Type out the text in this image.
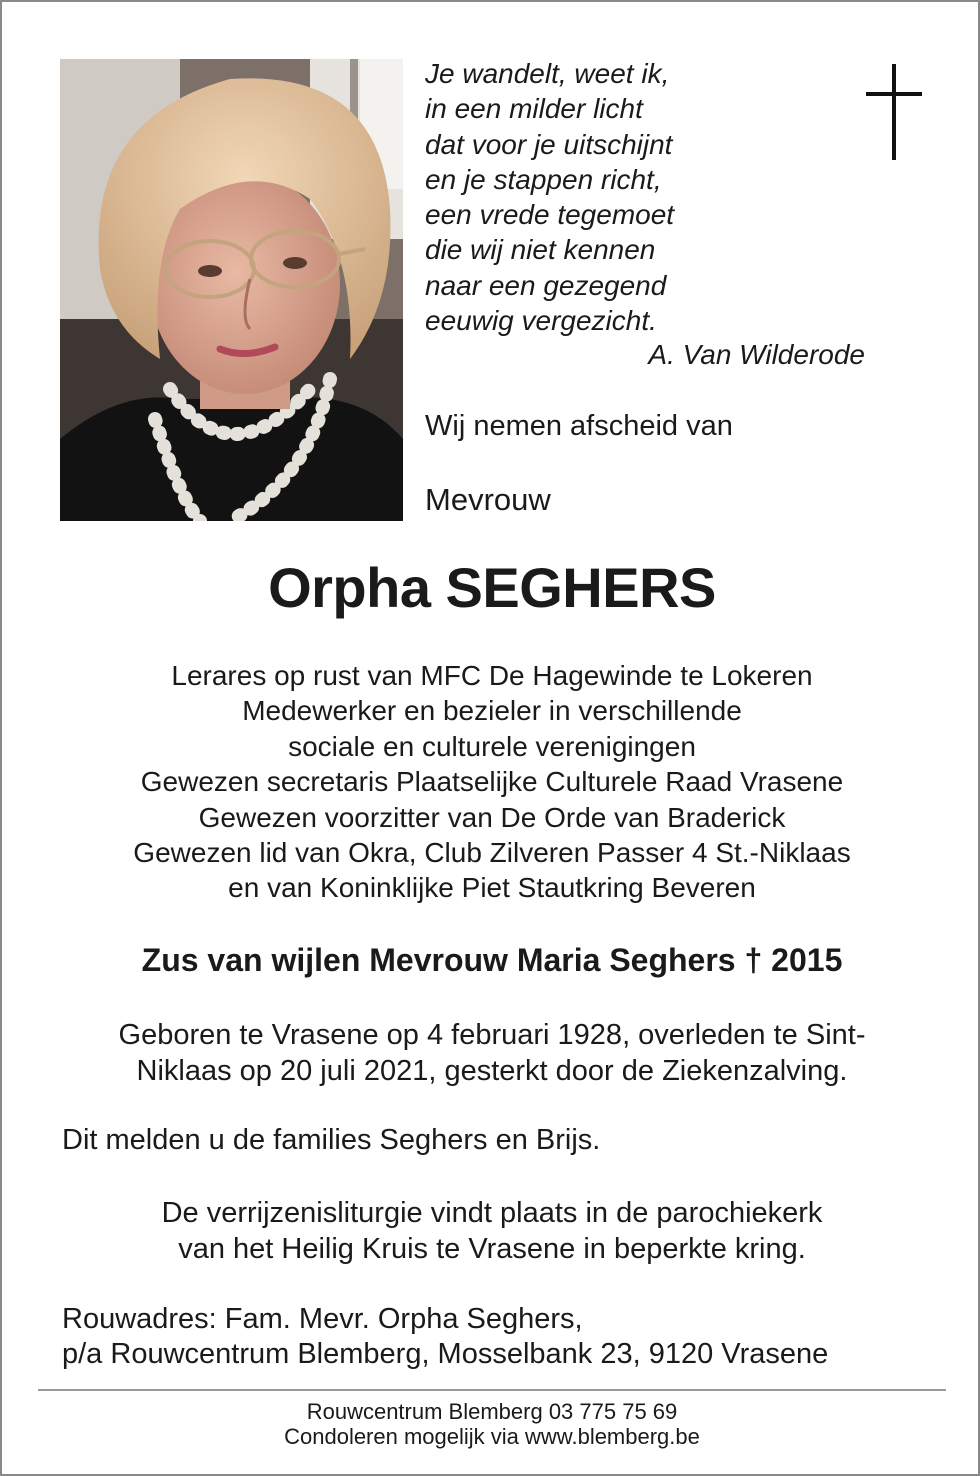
Je wandelt, weet ik,
in een milder licht
dat voor je uitschijnt
en je stappen richt,
een vrede tegemoet
die wij niet kennen
naar een gezegend
eeuwig vergezicht.
A. Van Wilderode
Wij nemen afscheid van
Mevrouw
Orpha SEGHERS
Lerares op rust van MFC De Hagewinde te Lokeren
Medewerker en bezieler in verschillende
sociale en culturele verenigingen
Gewezen secretaris Plaatselijke Culturele Raad Vrasene
Gewezen voorzitter van De Orde van Braderick
Gewezen lid van Okra, Club Zilveren Passer 4 St.-Niklaas
en van Koninklijke Piet Stautkring Beveren
Zus van wijlen Mevrouw Maria Seghers † 2015
Geboren te Vrasene op 4 februari 1928, overleden te Sint-
Niklaas op 20 juli 2021, gesterkt door de Ziekenzalving.
Dit melden u de families Seghers en Brijs.
De verrijzenisliturgie vindt plaats in de parochiekerk
van het Heilig Kruis te Vrasene in beperkte kring.
Rouwadres: Fam. Mevr. Orpha Seghers,
p/a Rouwcentrum Blemberg, Mosselbank 23, 9120 Vrasene
Rouwcentrum Blemberg 03 775 75 69
Condoleren mogelijk via www.blemberg.be
